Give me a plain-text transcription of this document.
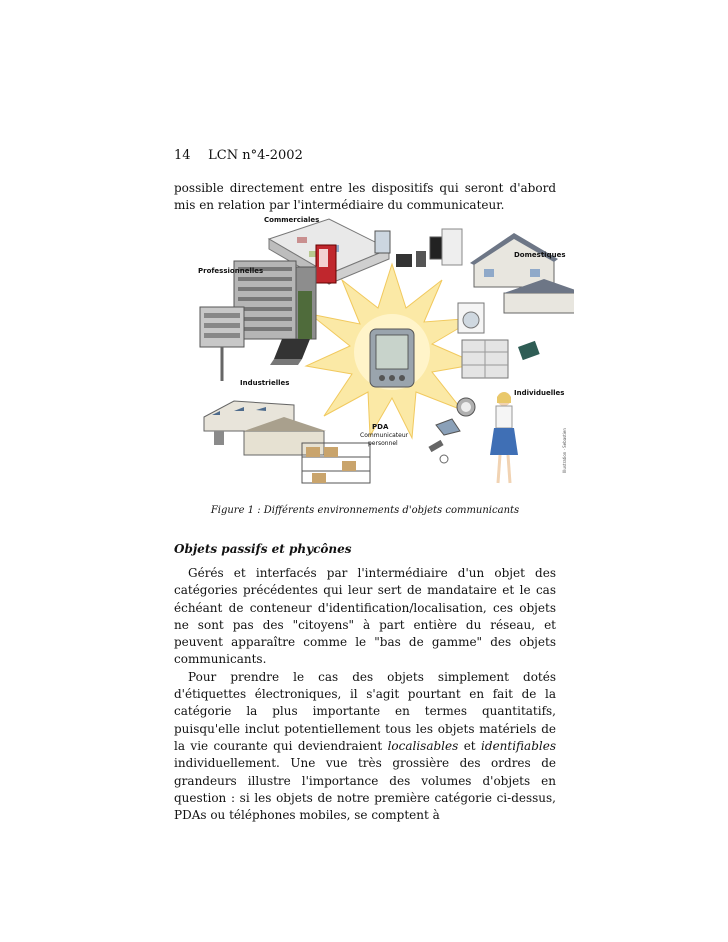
14 LCN n°4-2002
possible directement entre les dispositifs qui seront d'abord mis en relation par l'intermédiaire du communicateur.
Commerciales
Professionnelles
Domestiques
Industrielles
Individuelles
PDA
Communicateur
personnel	Illustration · Sebastien
Figure 1 : Différents environnements d'objets communicants
Objets passifs et phycônes

Gérés et interfacés par l'intermédiaire d'un objet des catégories précédentes qui leur sert de mandataire et le cas échéant de conteneur d'identification/localisation, ces objets ne sont pas des "citoyens" à part entière du réseau, et peuvent apparaître comme le "bas de gamme" des objets communicants.

Pour prendre le cas des objets simplement dotés d'étiquettes électroniques, il s'agit pourtant en fait de la catégorie la plus importante en termes quantitatifs, puisqu'elle inclut potentiellement tous les objets matériels de la vie courante qui deviendraient localisables et identifiables individuellement. Une vue très grossière des ordres de grandeurs illustre l'importance des volumes d'objets en question : si les objets de notre première catégorie ci-dessus, PDAs ou téléphones mobiles, se comptent à
